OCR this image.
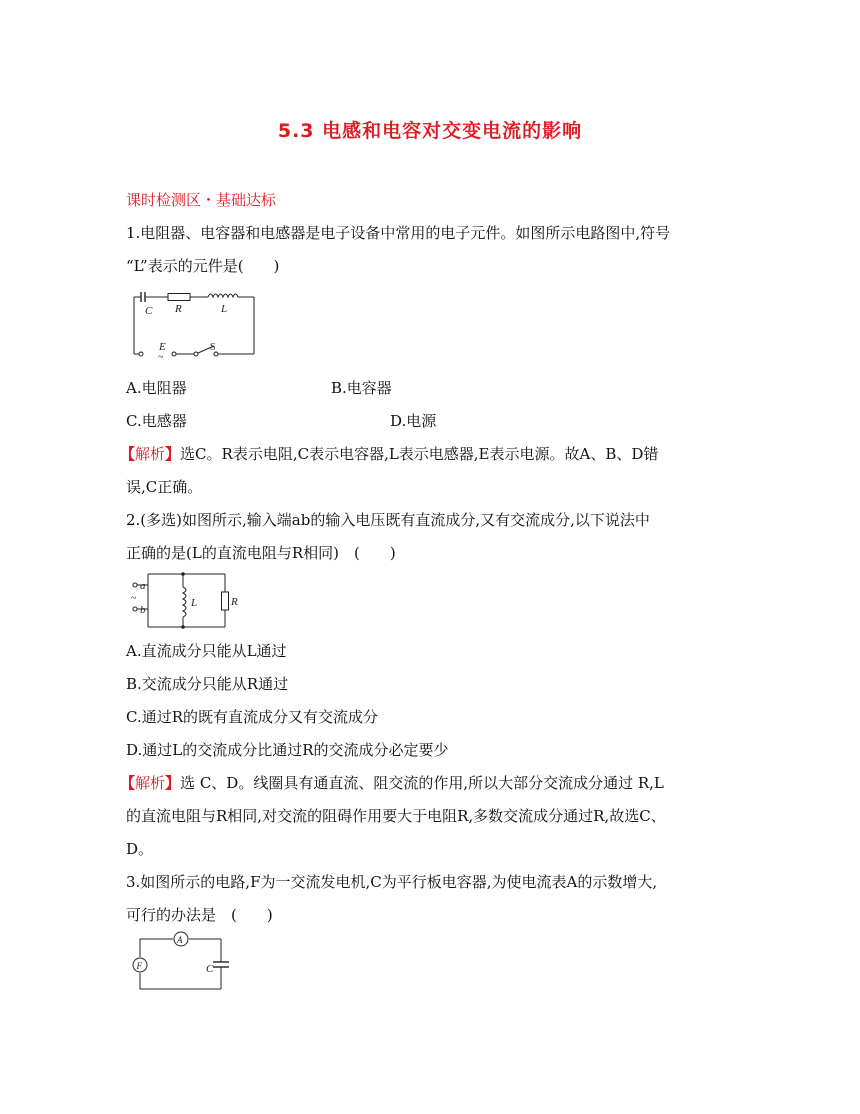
5.3 电感和电容对交变电流的影响
课时检测区・基础达标
1.电阻器、电容器和电感器是电子设备中常用的电子元件。如图所示电路图中,符号
“L”表示的元件是(　　)
C R	L
E
~
S
A.电阻器	B.电容器
C.电感器	D.电源
【解析】选C。R表示电阻,C表示电容器,L表示电感器,E表示电源。故A、B、D错
误,C正确。
2.(多选)如图所示,输入端ab的输入电压既有直流成分,又有交流成分,以下说法中
正确的是(L的直流电阻与R相同)　(　　)
a
b
~	L	R
A.直流成分只能从L通过
B.交流成分只能从R通过
C.通过R的既有直流成分又有交流成分
D.通过L的交流成分比通过R的交流成分必定要少
【解析】选 C、D。线圈具有通直流、阻交流的作用,所以大部分交流成分通过 R,L
的直流电阻与R相同,对交流的阻碍作用要大于电阻R,多数交流成分通过R,故选C、
D。
3.如图所示的电路,F为一交流发电机,C为平行板电容器,为使电流表A的示数增大,
可行的办法是　(　　)
A
F	C
